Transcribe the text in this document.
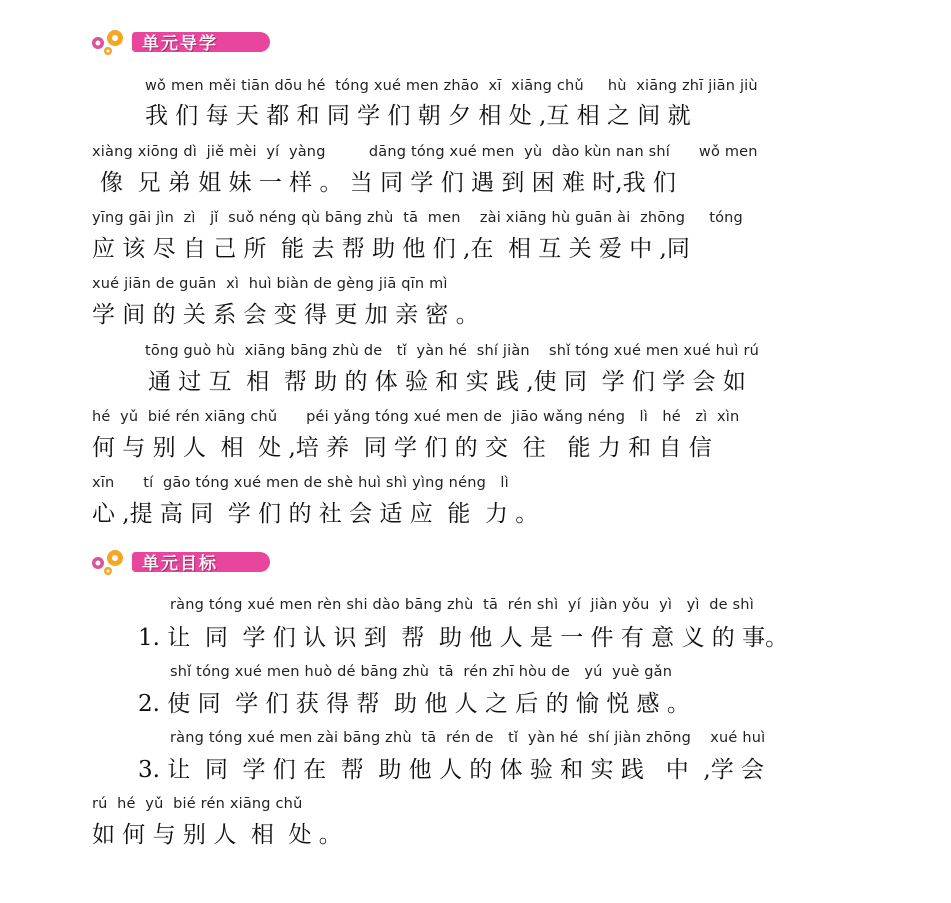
单元导学
wǒ men měi tiān dōu hé  tóng xué men zhāo  xī  xiāng chǔ     hù  xiāng zhī jiān jiù
我 们 每 天 都 和 同 学 们 朝 夕 相 处 ,互 相 之 间 就
xiàng xiōng dì  jiě mèi  yí  yàng         dāng tóng xué men  yù  dào kùn nan shí      wǒ men
像  兄 弟 姐 妹 一 样 。 当 同 学 们 遇 到 困 难 时,我 们
yīng gāi jìn  zì   jǐ  suǒ néng qù bāng zhù  tā  men    zài xiāng hù guān ài  zhōng     tóng
应 该 尽 自 己 所  能 去 帮 助 他 们 ,在  相 互 关 爱 中 ,同
xué jiān de guān  xì  huì biàn de gèng jiā qīn mì
学 间 的 关 系 会 变 得 更 加 亲 密 。
tōng guò hù  xiāng bāng zhù de   tǐ  yàn hé  shí jiàn    shǐ tóng xué men xué huì rú
通 过 互  相  帮 助 的 体 验 和 实 践 ,使 同  学 们 学 会 如
hé  yǔ  bié rén xiāng chǔ      péi yǎng tóng xué men de  jiāo wǎng néng   lì   hé   zì  xìn
何 与 别 人  相  处 ,培 养  同 学 们 的 交  往   能 力 和 自 信
xīn      tí  gāo tóng xué men de shè huì shì yìng néng   lì
心 ,提 高 同  学 们 的 社 会 适 应  能  力 。
单元目标
ràng tóng xué men rèn shi dào bāng zhù  tā  rén shì  yí  jiàn yǒu  yì   yì  de shì
1. 让  同  学 们 认 识 到  帮  助 他 人 是 一 件 有 意 义 的 事。
shǐ tóng xué men huò dé bāng zhù  tā  rén zhī hòu de   yú  yuè gǎn
2. 使 同  学 们 获 得 帮  助 他 人 之 后 的 愉 悦 感 。
ràng tóng xué men zài bāng zhù  tā  rén de   tǐ  yàn hé  shí jiàn zhōng    xué huì
3. 让  同  学 们 在  帮  助 他 人 的 体 验 和 实 践   中  ,学 会
rú  hé  yǔ  bié rén xiāng chǔ
如 何 与 别 人  相  处 。
